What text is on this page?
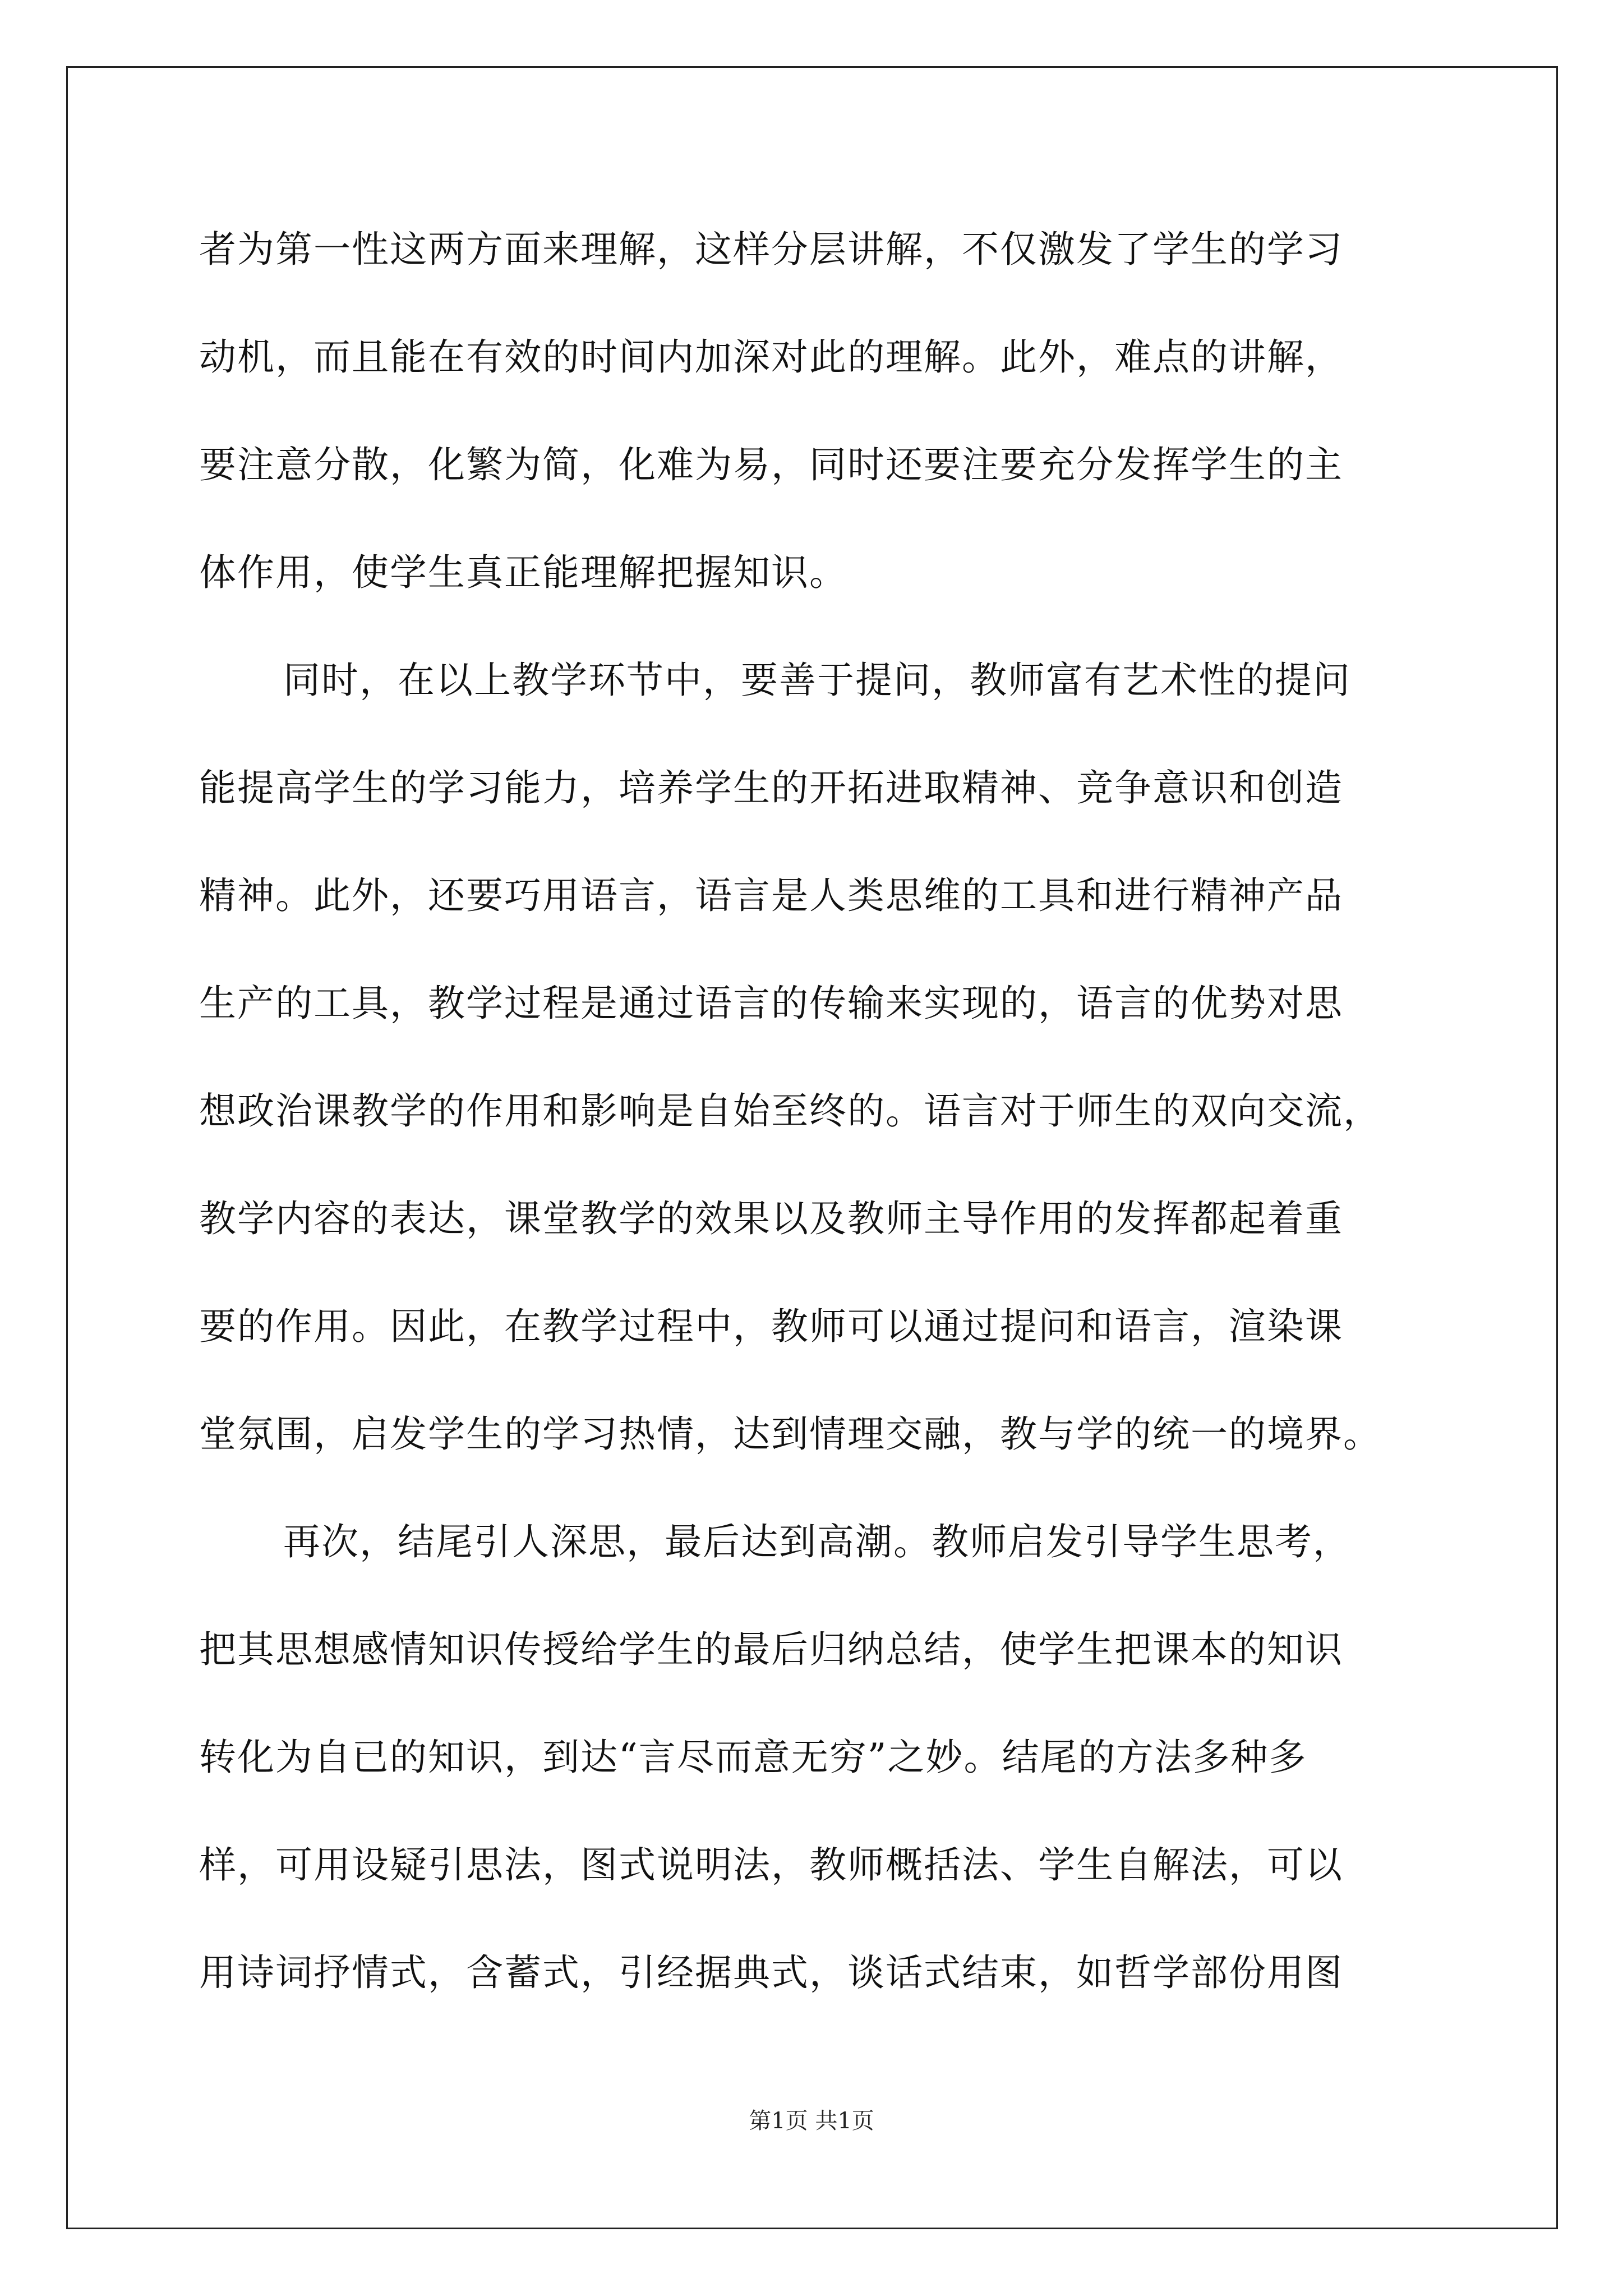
者为第一性这两方面来理解，这样分层讲解，不仅激发了学生的学习
动机，而且能在有效的时间内加深对此的理解。此外，难点的讲解，
要注意分散，化繁为简，化难为易，同时还要注要充分发挥学生的主
体作用，使学生真正能理解把握知识。
同时，在以上教学环节中，要善于提问，教师富有艺术性的提问
能提高学生的学习能力，培养学生的开拓进取精神、竞争意识和创造
精神。此外，还要巧用语言，语言是人类思维的工具和进行精神产品
生产的工具，教学过程是通过语言的传输来实现的，语言的优势对思
想政治课教学的作用和影响是自始至终的。语言对于师生的双向交流，
教学内容的表达，课堂教学的效果以及教师主导作用的发挥都起着重
要的作用。因此，在教学过程中，教师可以通过提问和语言，渲染课
堂氛围，启发学生的学习热情，达到情理交融，教与学的统一的境界。
再次，结尾引人深思，最后达到高潮。教师启发引导学生思考，
把其思想感情知识传授给学生的最后归纳总结，使学生把课本的知识
转化为自已的知识，到达“言尽而意无穷”之妙。结尾的方法多种多
样，可用设疑引思法，图式说明法，教师概括法、学生自解法，可以
用诗词抒情式，含蓄式，引经据典式，谈话式结束，如哲学部份用图
第1页 共1页
